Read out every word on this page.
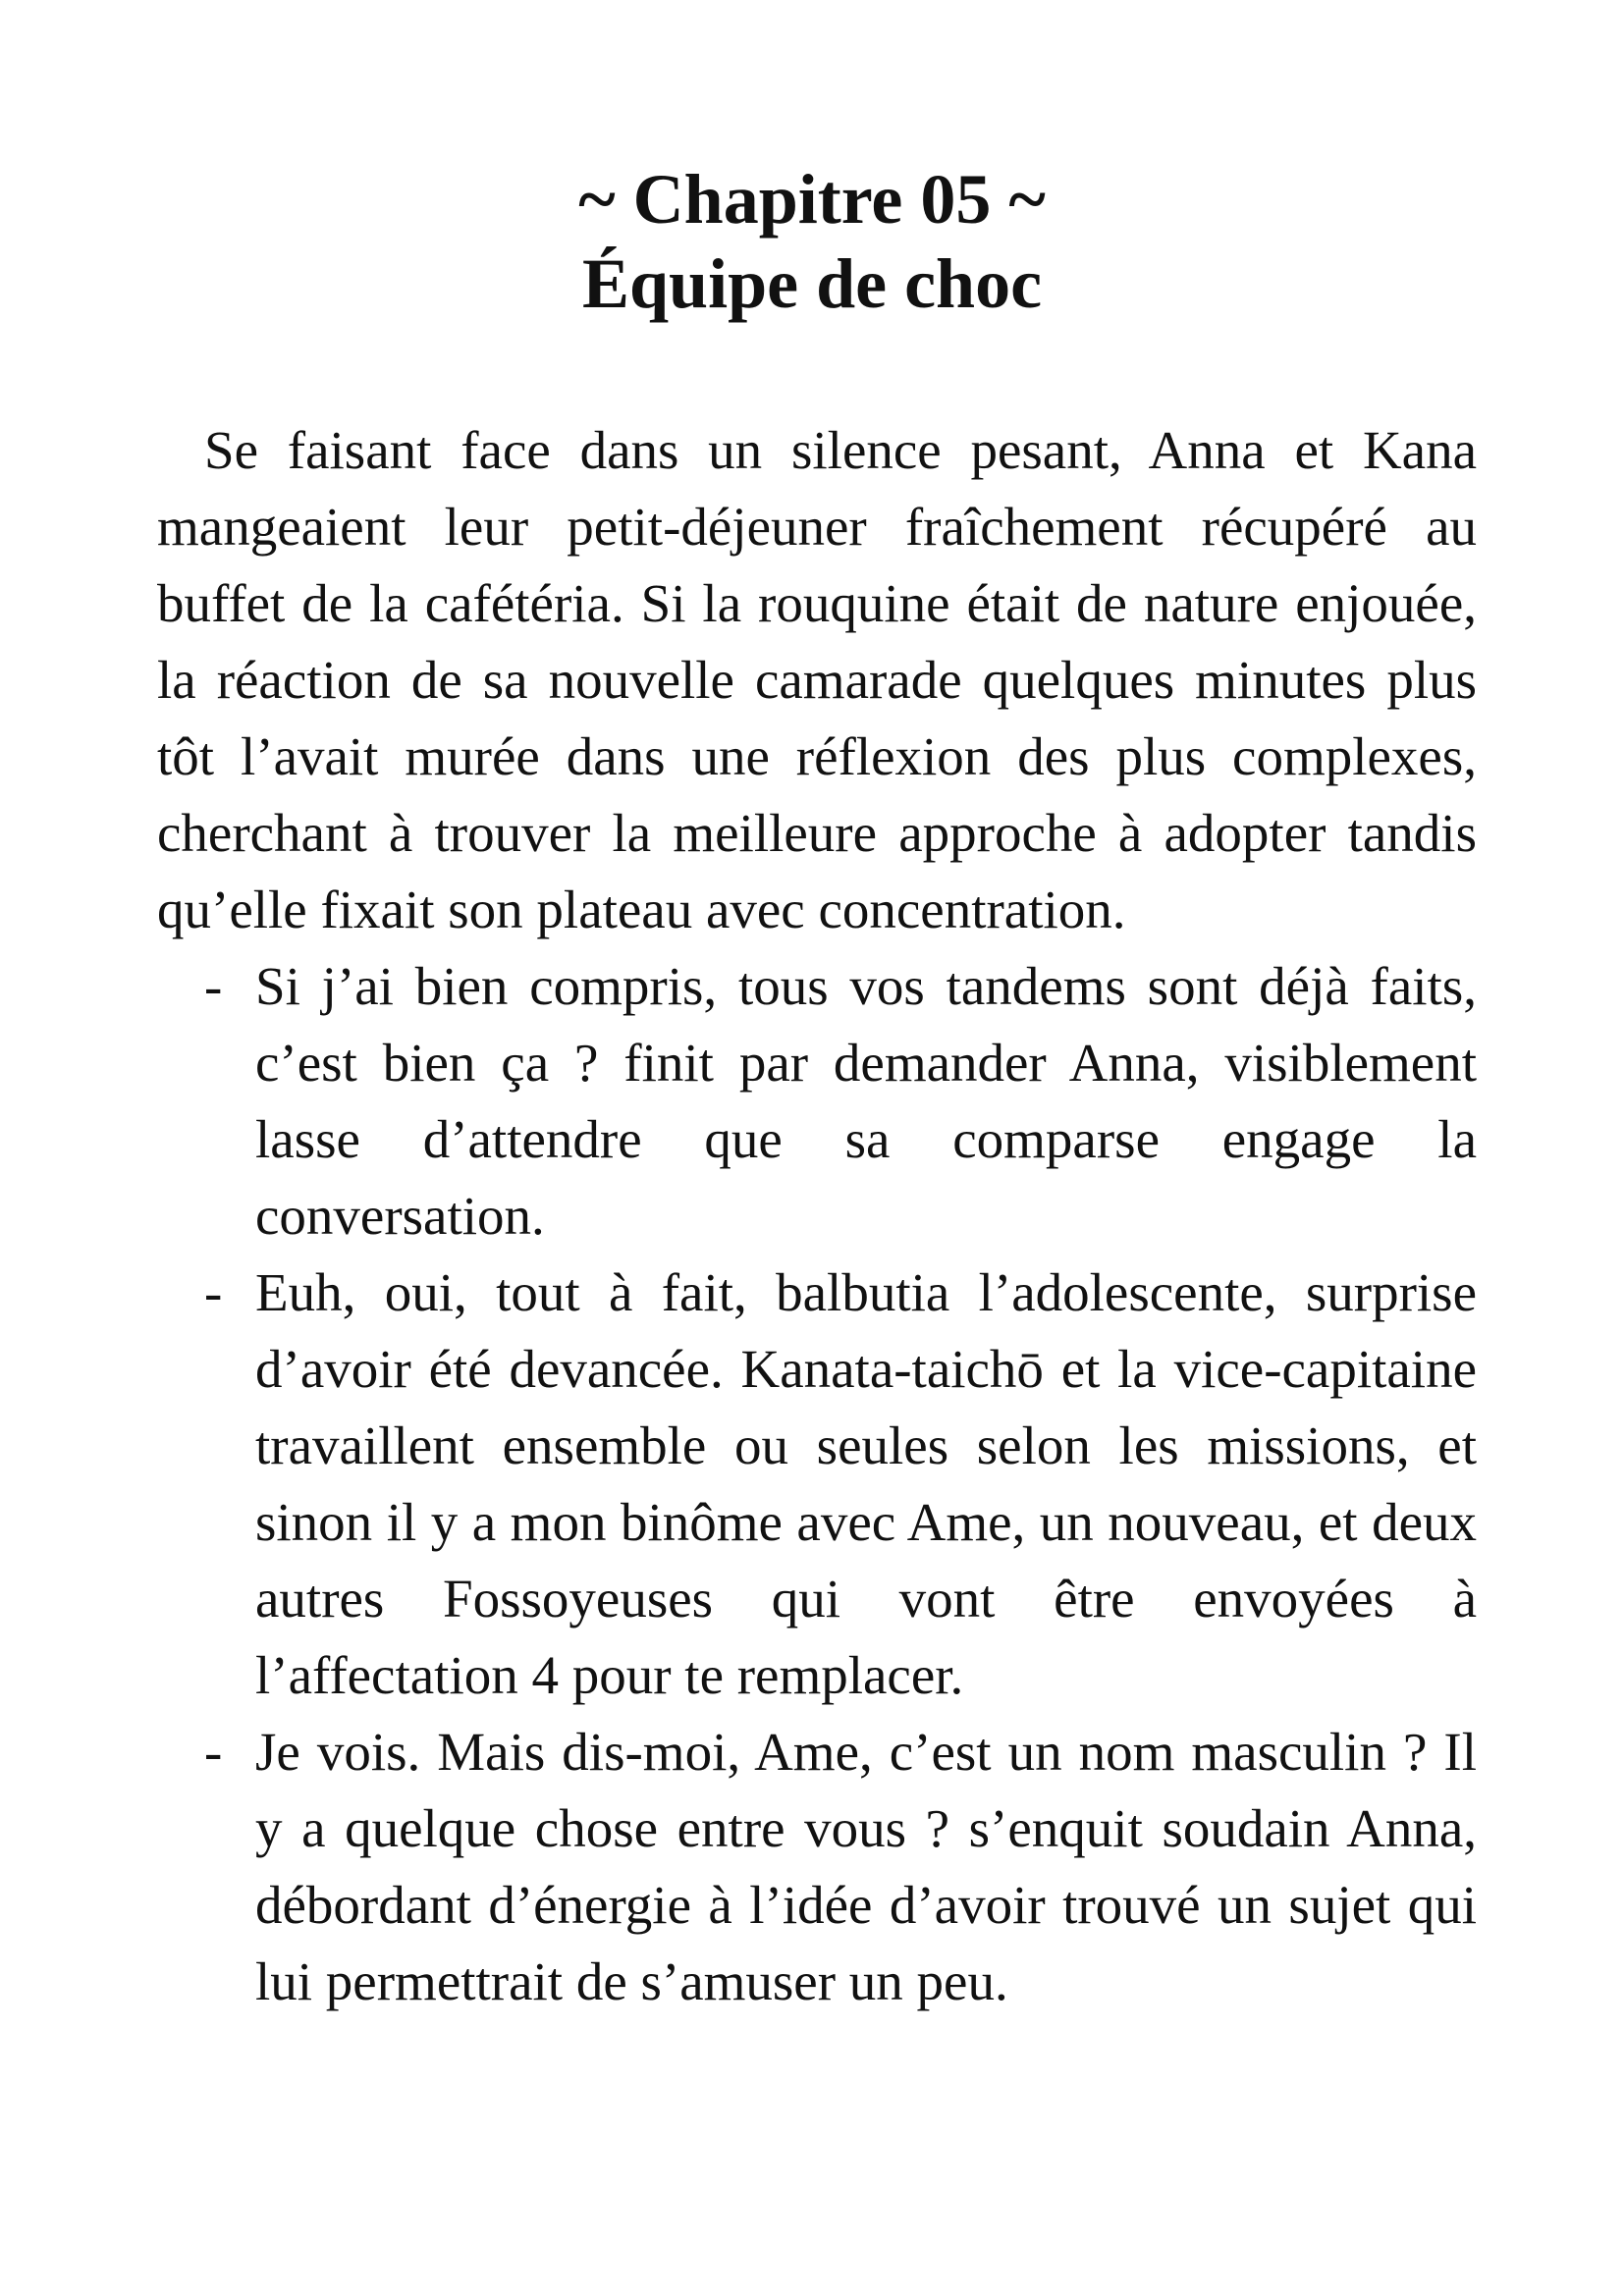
~ Chapitre 05 ~
Équipe de choc

Se faisant face dans un silence pesant, Anna et Kana mangeaient leur petit-déjeuner fraîchement récupéré au buffet de la cafétéria. Si la rouquine était de nature enjouée, la réaction de sa nouvelle camarade quelques minutes plus tôt l’avait murée dans une réflexion des plus complexes, cherchant à trouver la meilleure approche à adopter tandis qu’elle fixait son plateau avec concentration.

- Si j’ai bien compris, tous vos tandems sont déjà faits, c’est bien ça ? finit par demander Anna, visiblement lasse d’attendre que sa comparse engage la conversation.
- Euh, oui, tout à fait, balbutia l’adolescente, surprise d’avoir été devancée. Kanata-taichō et la vice-capitaine travaillent ensemble ou seules selon les missions, et sinon il y a mon binôme avec Ame, un nouveau, et deux autres Fossoyeuses qui vont être envoyées à l’affectation 4 pour te remplacer.
- Je vois. Mais dis-moi, Ame, c’est un nom masculin ? Il y a quelque chose entre vous ? s’enquit soudain Anna, débordant d’énergie à l’idée d’avoir trouvé un sujet qui lui permettrait de s’amuser un peu.
